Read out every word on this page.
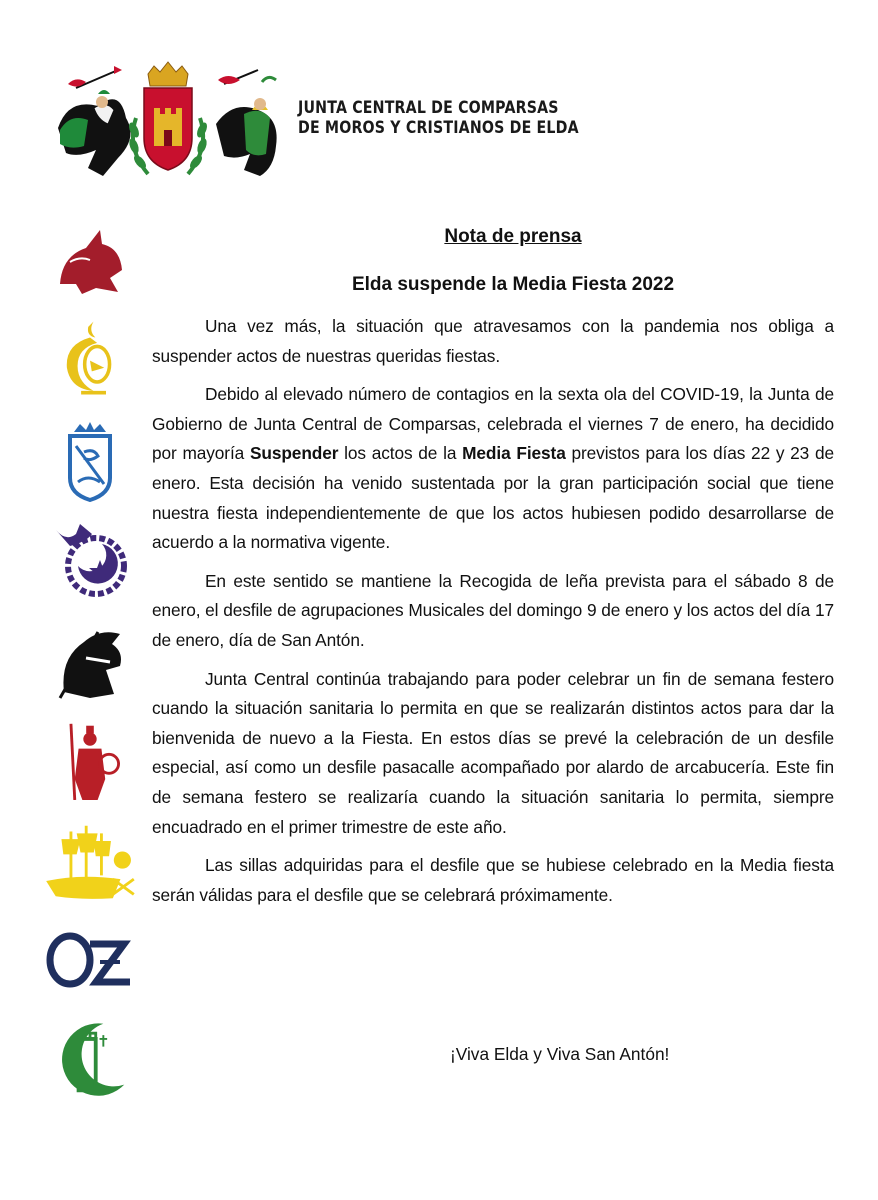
JUNTA CENTRAL DE COMPARSAS
DE MOROS Y CRISTIANOS DE ELDA
Nota de prensa
Elda suspende la Media Fiesta 2022

Una vez más, la situación que atravesamos con la pandemia nos obliga a suspender actos de nuestras queridas fiestas.

Debido al elevado número de contagios en la sexta ola del COVID-19, la Junta de Gobierno de Junta Central de Comparsas, celebrada el viernes 7 de enero, ha decidido por mayoría Suspender los actos de la Media Fiesta previstos para los días 22 y 23 de enero. Esta decisión ha venido sustentada por la gran participación social que tiene nuestra fiesta independientemente de que los actos hubiesen podido desarrollarse de acuerdo a la normativa vigente.

En este sentido se mantiene la Recogida de leña prevista para el sábado 8 de enero, el desfile de agrupaciones Musicales del domingo 9 de enero y los actos del día 17 de enero, día de San Antón.

Junta Central continúa trabajando para poder celebrar un fin de semana festero cuando la situación sanitaria lo permita en que se realizarán distintos actos para dar la bienvenida de nuevo a la Fiesta. En estos días se prevé la celebración de un desfile especial, así como un desfile pasacalle acompañado por alardo de arcabucería. Este fin de semana festero se realizaría cuando la situación sanitaria lo permita, siempre encuadrado en el primer trimestre de este año.

Las sillas adquiridas para el desfile que se hubiese celebrado en la Media fiesta serán válidas para el desfile que se celebrará próximamente.

¡Viva Elda y Viva San Antón!
